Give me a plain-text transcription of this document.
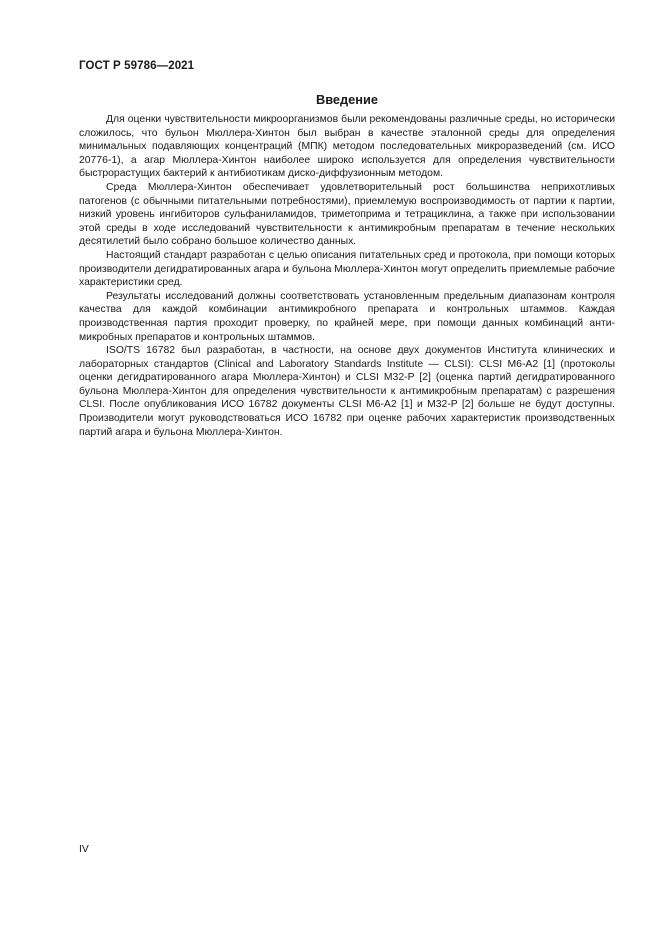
ГОСТ Р 59786—2021
Введение

Для оценки чувствительности микроорганизмов были рекомендованы различные среды, но исторически сложилось, что бульон Мюллера-Хинтон был выбран в качестве эталонной среды для определения минимальных подавляющих концентраций (МПК) методом последовательных микроразведений (см. ИСО 20776-1), а агар Мюллера-Хинтон наиболее широко используется для определения чувствительности быстрорастущих бактерий к антибиотикам диско-диффузионным методом.

Среда Мюллера-Хинтон обеспечивает удовлетворительный рост большинства неприхотливых патогенов (с обычными питательными потребностями), приемлемую воспроизводимость от партии к партии, низкий уровень ингибиторов сульфаниламидов, триметоприма и тетрациклина, а также при использовании этой среды в ходе исследований чувствительности к антимикробным препаратам в течение нескольких десятилетий было собрано большое количество данных.

Настоящий стандарт разработан с целью описания питательных сред и протокола, при помощи которых производители дегидратированных агара и бульона Мюллера-Хинтон могут определить приемлемые рабочие характеристики сред.

Результаты исследований должны соответствовать установленным предельным диапазонам контроля качества для каждой комбинации антимикробного препарата и контрольных штаммов. Каждая производственная партия проходит проверку, по крайней мере, при помощи данных комбинаций антимикробных препаратов и контрольных штаммов.

ISO/TS 16782 был разработан, в частности, на основе двух документов Института клинических и лабораторных стандартов (Clinical and Laboratory Standards Institute — CLSI): CLSI M6-A2 [1] (протоколы оценки дегидратированного агара Мюллера-Хинтон) и CLSI M32-P [2] (оценка партий дегидратированного бульона Мюллера-Хинтон для определения чувствительности к антимикробным препаратам) с разрешения CLSI. После опубликования ИСО 16782 документы CLSI M6-A2 [1] и M32-P [2] больше не будут доступны. Производители могут руководствоваться ИСО 16782 при оценке рабочих характеристик производственных партий агара и бульона Мюллера-Хинтон.

IV
